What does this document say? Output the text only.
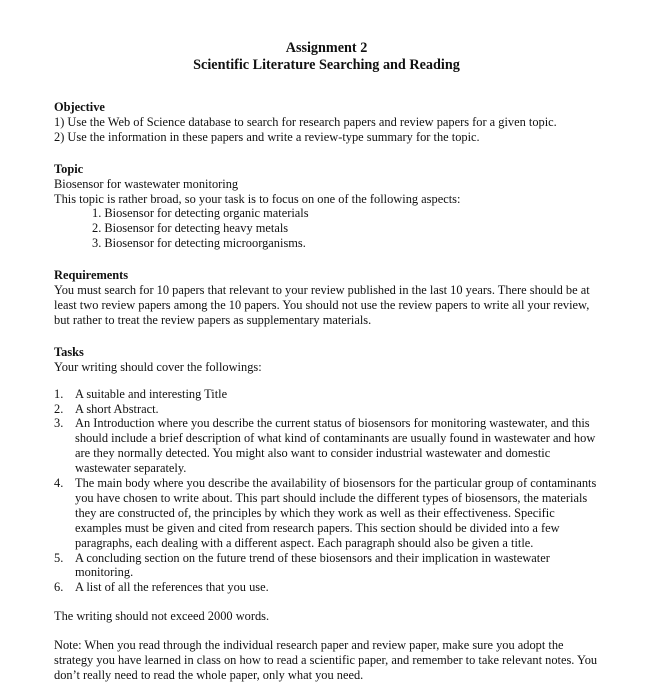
Assignment 2

Scientific Literature Searching and Reading

Objective

1) Use the Web of Science database to search for research papers and review papers for a given topic.

2) Use the information in these papers and write a review-type summary for the topic.

Topic

Biosensor for wastewater monitoring

This topic is rather broad, so your task is to focus on one of the following aspects:

1. Biosensor for detecting organic materials
2. Biosensor for detecting heavy metals
3. Biosensor for detecting microorganisms.

Requirements

You must search for 10 papers that relevant to your review published in the last 10 years. There should be at least two review papers among the 10 papers. You should not use the review papers to write all your review, but rather to treat the review papers as supplementary materials.

Tasks

Your writing should cover the followings:

1. A suitable and interesting Title
2. A short Abstract.
3. An Introduction where you describe the current status of biosensors for monitoring wastewater, and this should include a brief description of what kind of contaminants are usually found in wastewater and how are they normally detected. You might also want to consider industrial wastewater and domestic wastewater separately.
4. The main body where you describe the availability of biosensors for the particular group of contaminants you have chosen to write about. This part should include the different types of biosensors, the materials they are constructed of, the principles by which they work as well as their effectiveness. Specific examples must be given and cited from research papers. This section should be divided into a few paragraphs, each dealing with a different aspect. Each paragraph should also be given a title.
5. A concluding section on the future trend of these biosensors and their implication in wastewater monitoring.
6. A list of all the references that you use.

The writing should not exceed 2000 words.

Note: When you read through the individual research paper and review paper, make sure you adopt the strategy you have learned in class on how to read a scientific paper, and remember to take relevant notes. You don’t really need to read the whole paper, only what you need.
